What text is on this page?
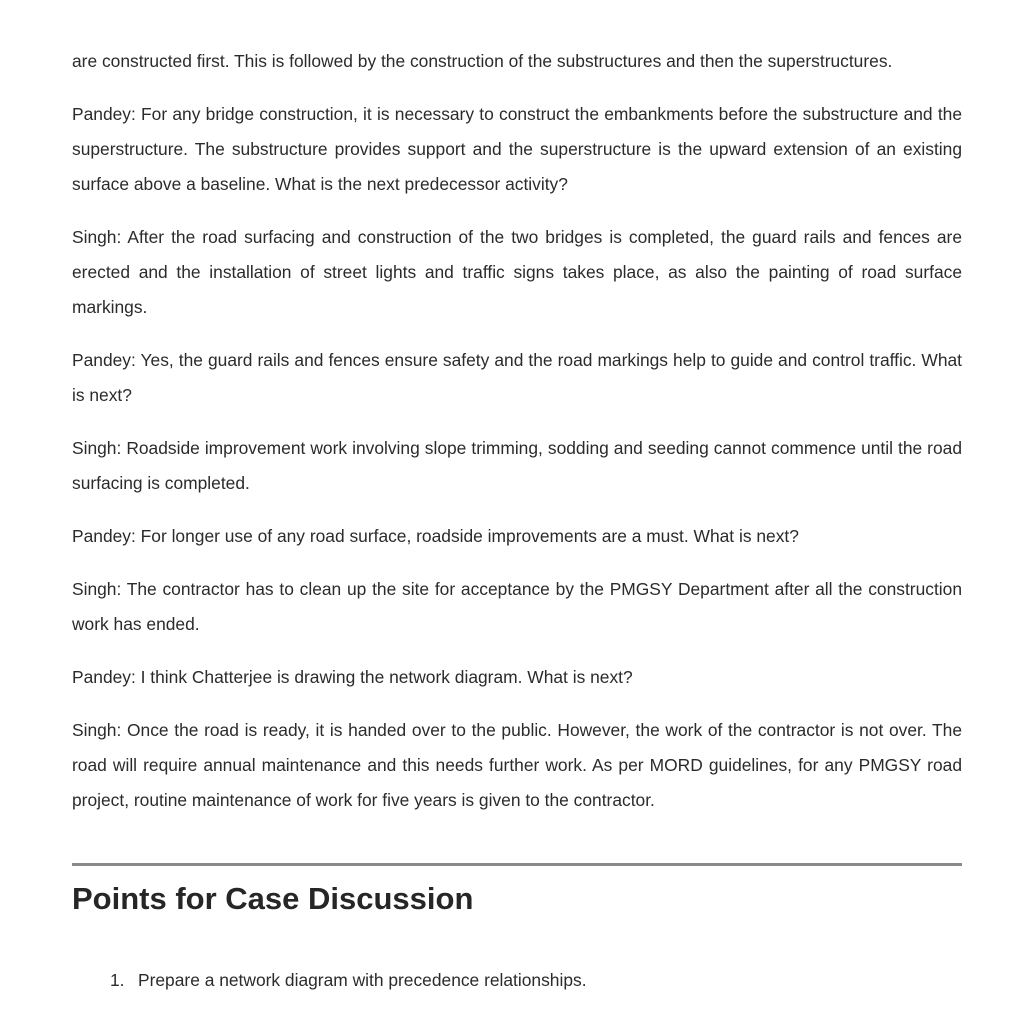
are constructed first. This is followed by the construction of the substructures and then the superstructures.

Pandey: For any bridge construction, it is necessary to construct the embankments before the substructure and the superstructure. The substructure provides support and the superstructure is the upward extension of an existing surface above a baseline. What is the next predecessor activity?

Singh: After the road surfacing and construction of the two bridges is completed, the guard rails and fences are erected and the installation of street lights and traffic signs takes place, as also the painting of road surface markings.

Pandey: Yes, the guard rails and fences ensure safety and the road markings help to guide and control traffic. What is next?

Singh: Roadside improvement work involving slope trimming, sodding and seeding cannot commence until the road surfacing is completed.

Pandey: For longer use of any road surface, roadside improvements are a must. What is next?

Singh: The contractor has to clean up the site for acceptance by the PMGSY Department after all the construction work has ended.

Pandey: I think Chatterjee is drawing the network diagram. What is next?

Singh: Once the road is ready, it is handed over to the public. However, the work of the contractor is not over. The road will require annual maintenance and this needs further work. As per MORD guidelines, for any PMGSY road project, routine maintenance of work for five years is given to the contractor.

Points for Case Discussion
1. Prepare a network diagram with precedence relationships.
